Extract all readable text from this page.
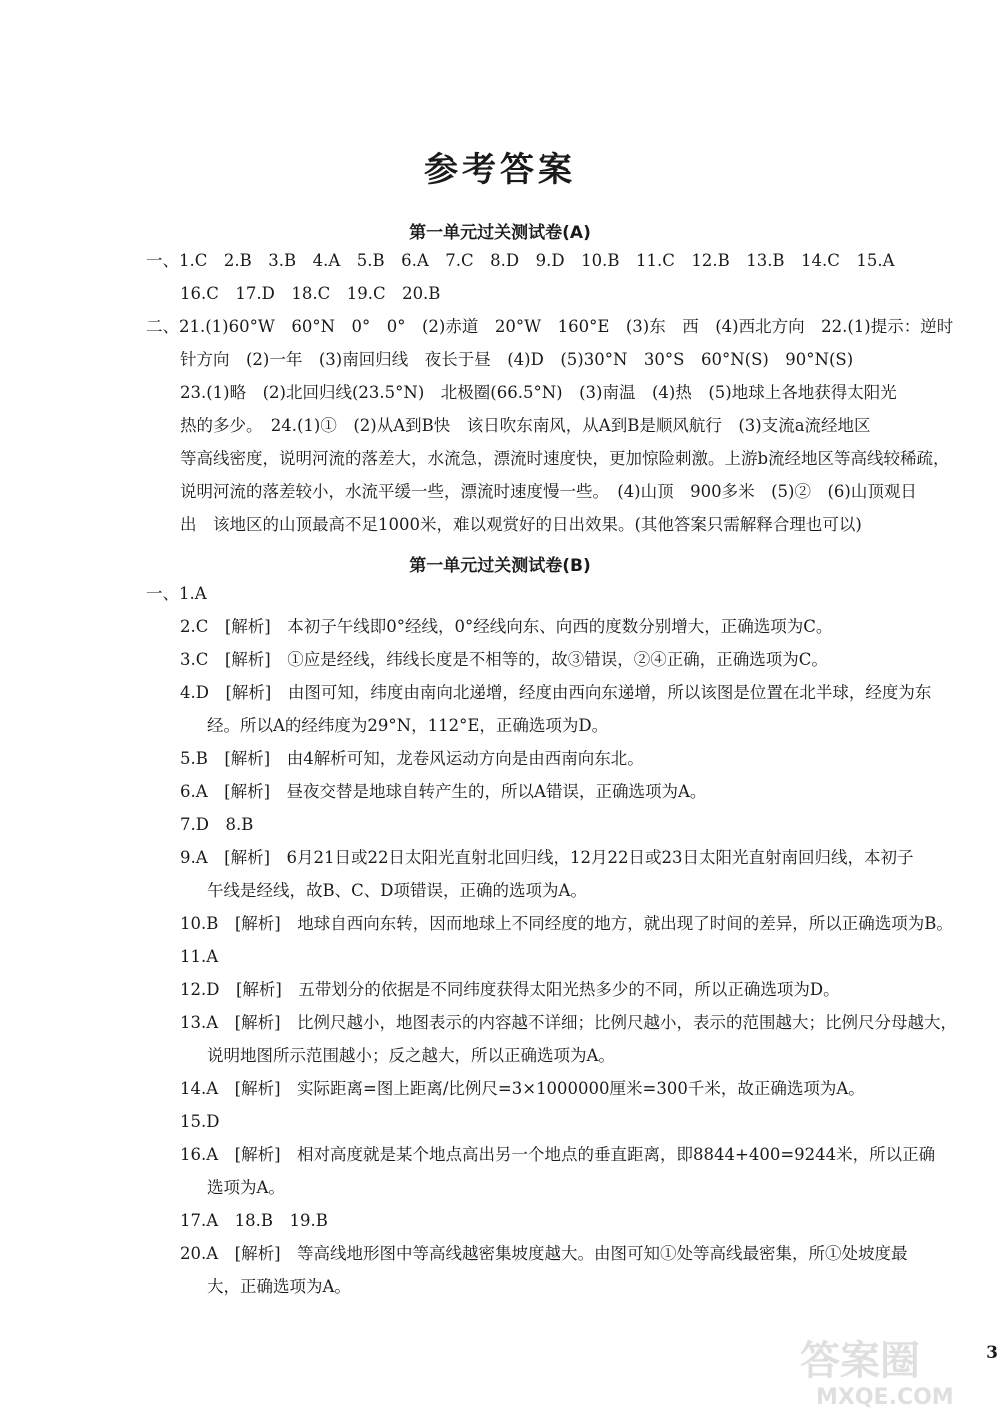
参考答案
第一单元过关测试卷(A)
一、1.C　2.B　3.B　4.A　5.B　6.A　7.C　8.D　9.D　10.B　11.C　12.B　13.B　14.C　15.A
16.C　17.D　18.C　19.C　20.B
二、21.(1)60°W　60°N　0°　0°　(2)赤道　20°W　160°E　(3)东　西　(4)西北方向　22.(1)提示：逆时
针方向　(2)一年　(3)南回归线　夜长于昼　(4)D　(5)30°N　30°S　60°N(S)　90°N(S)
23.(1)略　(2)北回归线(23.5°N)　北极圈(66.5°N)　(3)南温　(4)热　(5)地球上各地获得太阳光
热的多少。　24.(1)①　(2)从A到B快　该日吹东南风，从A到B是顺风航行　(3)支流a流经地区
等高线密度，说明河流的落差大，水流急，漂流时速度快，更加惊险刺激。上游b流经地区等高线较稀疏，
说明河流的落差较小，水流平缓一些，漂流时速度慢一些。　(4)山顶　900多米　(5)②　(6)山顶观日
出　该地区的山顶最高不足1000米，难以观赏好的日出效果。(其他答案只需解释合理也可以)
第一单元过关测试卷(B)
一、1.A
2.C　[解析]　本初子午线即0°经线，0°经线向东、向西的度数分别增大，正确选项为C。
3.C　[解析]　①应是经线，纬线长度是不相等的，故③错误，②④正确，正确选项为C。
4.D　[解析]　由图可知，纬度由南向北递增，经度由西向东递增，所以该图是位置在北半球，经度为东
经。所以A的经纬度为29°N，112°E，正确选项为D。
5.B　[解析]　由4解析可知，龙卷风运动方向是由西南向东北。
6.A　[解析]　昼夜交替是地球自转产生的，所以A错误，正确选项为A。
7.D　8.B
9.A　[解析]　6月21日或22日太阳光直射北回归线，12月22日或23日太阳光直射南回归线，本初子
午线是经线，故B、C、D项错误，正确的选项为A。
10.B　[解析]　地球自西向东转，因而地球上不同经度的地方，就出现了时间的差异，所以正确选项为B。
11.A
12.D　[解析]　五带划分的依据是不同纬度获得太阳光热多少的不同，所以正确选项为D。
13.A　[解析]　比例尺越小，地图表示的内容越不详细；比例尺越小，表示的范围越大；比例尺分母越大，
说明地图所示范围越小；反之越大，所以正确选项为A。
14.A　[解析]　实际距离=图上距离/比例尺=3×1000000厘米=300千米，故正确选项为A。
15.D
16.A　[解析]　相对高度就是某个地点高出另一个地点的垂直距离，即8844+400=9244米，所以正确
选项为A。
17.A　18.B　19.B
20.A　[解析]　等高线地形图中等高线越密集坡度越大。由图可知①处等高线最密集，所①处坡度最
大，正确选项为A。
答案圈
MXQE.COM
3
